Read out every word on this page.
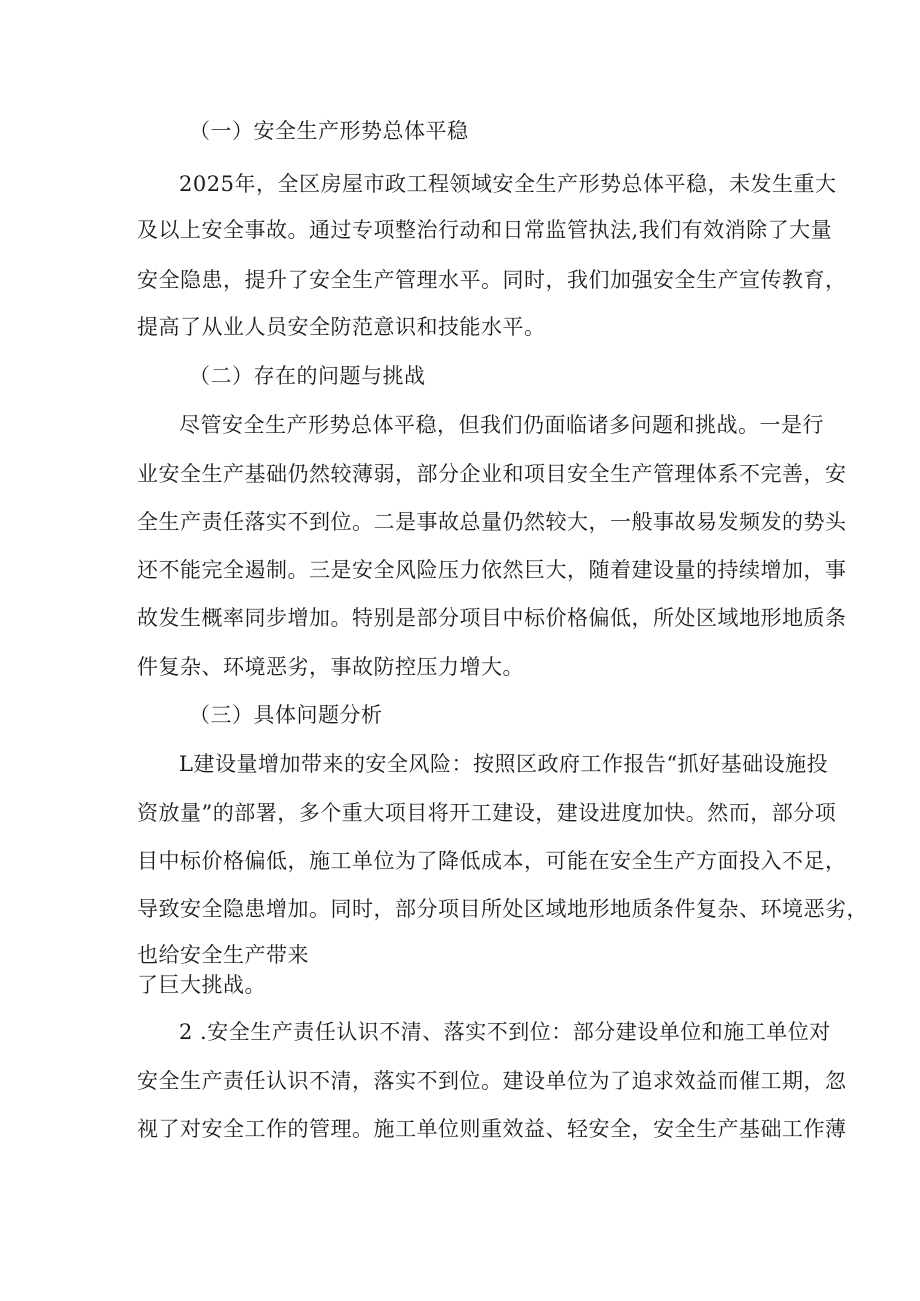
（一）安全生产形势总体平稳
2025年，全区房屋市政工程领域安全生产形势总体平稳，未发生重大
及以上安全事故。通过专项整治行动和日常监管执法,我们有效消除了大量
安全隐患，提升了安全生产管理水平。同时，我们加强安全生产宣传教育，
提高了从业人员安全防范意识和技能水平。
（二）存在的问题与挑战
尽管安全生产形势总体平稳，但我们仍面临诸多问题和挑战。一是行
业安全生产基础仍然较薄弱，部分企业和项目安全生产管理体系不完善，安
全生产责任落实不到位。二是事故总量仍然较大，一般事故易发频发的势头
还不能完全遏制。三是安全风险压力依然巨大，随着建设量的持续增加，事
故发生概率同步增加。特别是部分项目中标价格偏低，所处区域地形地质条
件复杂、环境恶劣，事故防控压力增大。
（三）具体问题分析
L建设量增加带来的安全风险：按照区政府工作报告“抓好基础设施投
资放量”的部署，多个重大项目将开工建设，建设进度加快。然而，部分项
目中标价格偏低，施工单位为了降低成本，可能在安全生产方面投入不足，
导致安全隐患增加。同时，部分项目所处区域地形地质条件复杂、环境恶劣，
也给安全生产带来
了巨大挑战。
2 .安全生产责任认识不清、落实不到位：部分建设单位和施工单位对
安全生产责任认识不清，落实不到位。建设单位为了追求效益而催工期，忽
视了对安全工作的管理。施工单位则重效益、轻安全，安全生产基础工作薄
